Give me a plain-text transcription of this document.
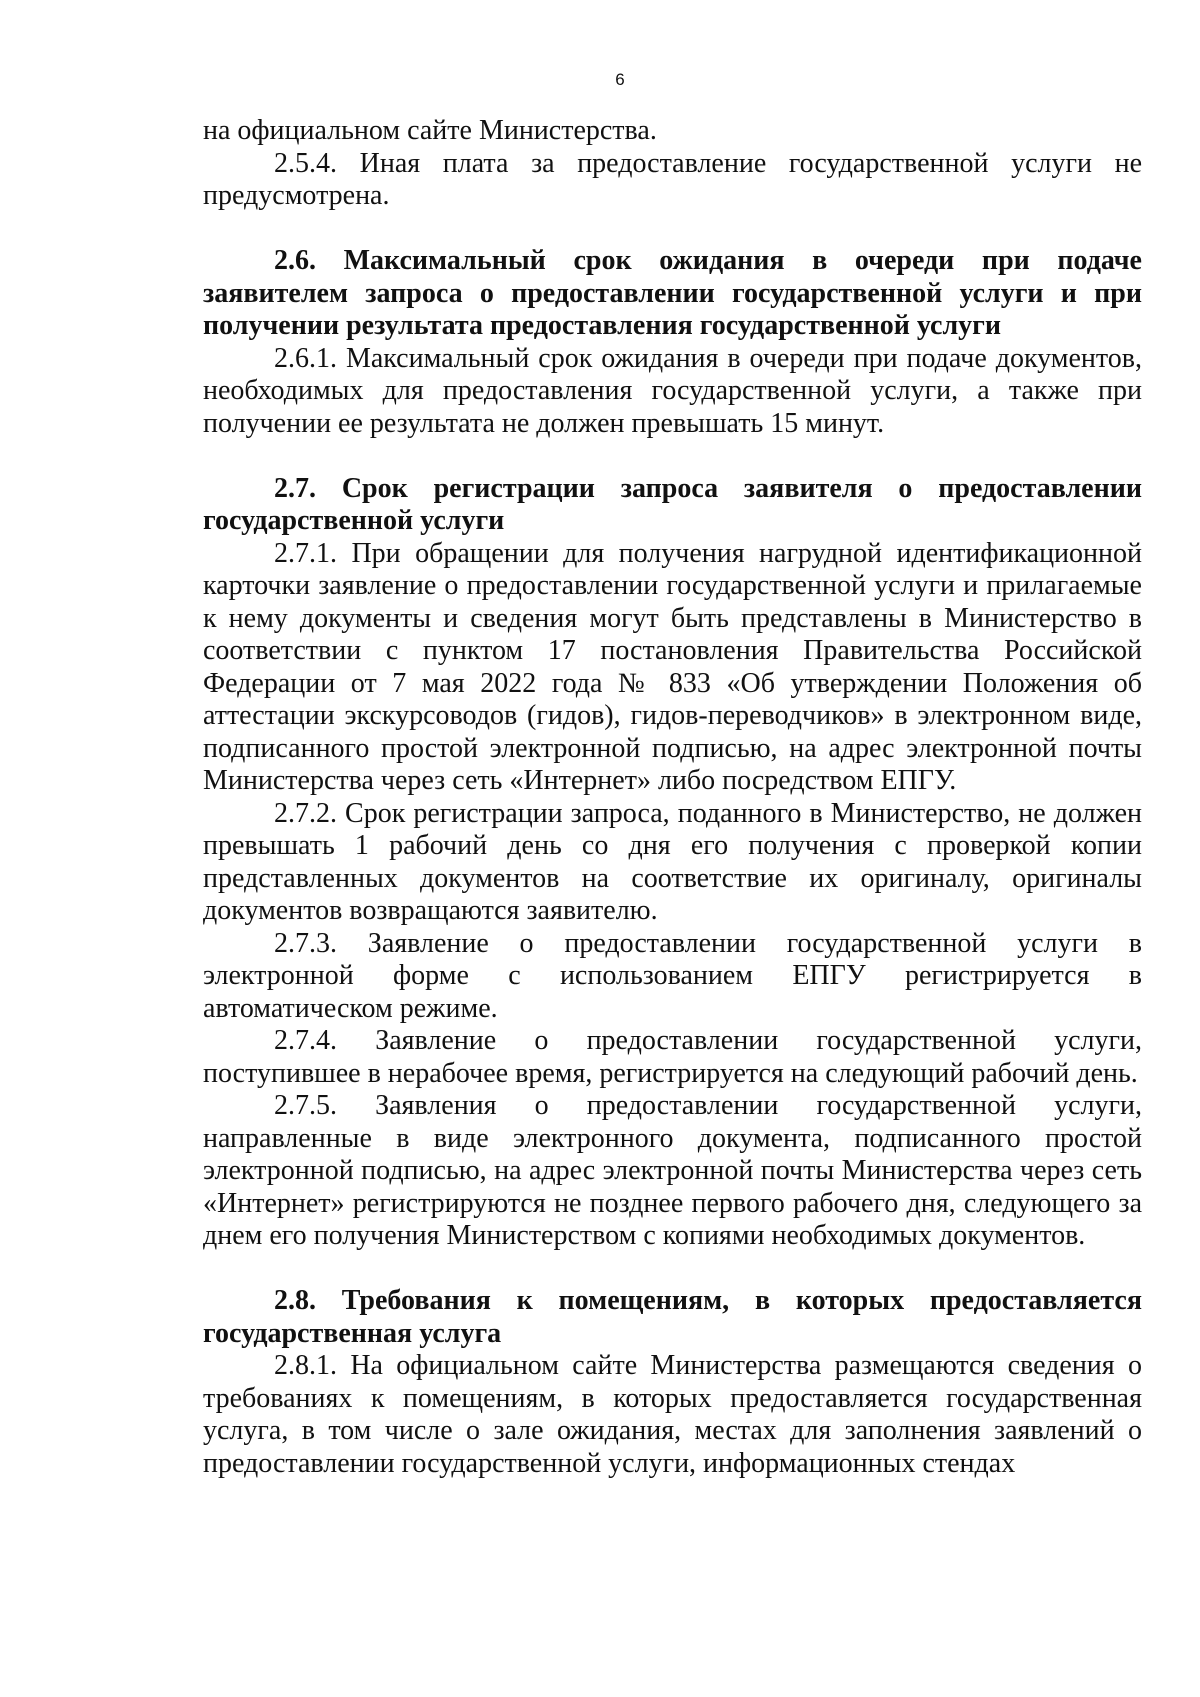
6

на официальном сайте Министерства.

2.5.4. Иная плата за предоставление государственной услуги не предусмотрена.

2.6. Максимальный срок ожидания в очереди при подаче заявителем запроса о предоставлении государственной услуги и при получении результата предоставления государственной услуги

2.6.1. Максимальный срок ожидания в очереди при подаче документов, необходимых для предоставления государственной услуги, а также при получении ее результата не должен превышать 15 минут.

2.7. Срок регистрации запроса заявителя о предоставлении государственной услуги

2.7.1. При обращении для получения нагрудной идентификационной карточки заявление о предоставлении государственной услуги и прилагаемые к нему документы и сведения могут быть представлены в Министерство в соответствии с пунктом 17 постановления Правительства Российской Федерации от 7 мая 2022 года № 833 «Об утверждении Положения об аттестации экскурсоводов (гидов), гидов-переводчиков» в электронном виде, подписанного простой электронной подписью, на адрес электронной почты Министерства через сеть «Интернет» либо посредством ЕПГУ.

2.7.2. Срок регистрации запроса, поданного в Министерство, не должен превышать 1 рабочий день со дня его получения с проверкой копии представленных документов на соответствие их оригиналу, оригиналы документов возвращаются заявителю.

2.7.3. Заявление о предоставлении государственной услуги в электронной форме с использованием ЕПГУ регистрируется в автоматическом режиме.

2.7.4. Заявление о предоставлении государственной услуги, поступившее в нерабочее время, регистрируется на следующий рабочий день.

2.7.5. Заявления о предоставлении государственной услуги, направленные в виде электронного документа, подписанного простой электронной подписью, на адрес электронной почты Министерства через сеть «Интернет» регистрируются не позднее первого рабочего дня, следующего за днем его получения Министерством с копиями необходимых документов.

2.8. Требования к помещениям, в которых предоставляется государственная услуга

2.8.1. На официальном сайте Министерства размещаются сведения о требованиях к помещениям, в которых предоставляется государственная услуга, в том числе о зале ожидания, местах для заполнения заявлений о предоставлении государственной услуги, информационных стендах
